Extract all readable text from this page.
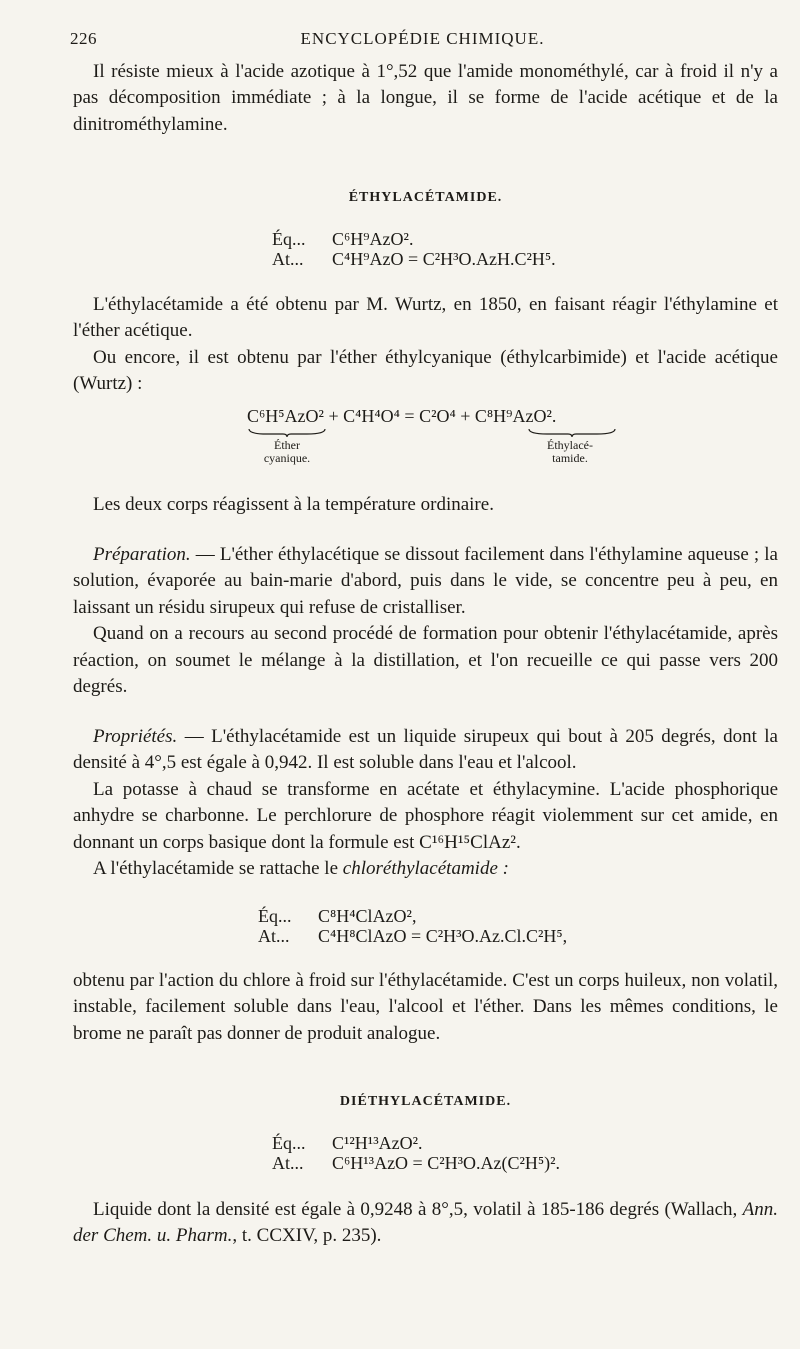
226	ENCYCLOPÉDIE CHIMIQUE.

Il résiste mieux à l'acide azotique à 1°,52 que l'amide monométhylé, car à froid il n'y a pas décomposition immédiate ; à la longue, il se forme de l'acide acétique et de la dinitrométhylamine.

ÉTHYLACÉTAMIDE.

Éq... C⁶H⁹AzO².
At... C⁴H⁹AzO = C²H³O.AzH.C²H⁵.

L'éthylacétamide a été obtenu par M. Wurtz, en 1850, en faisant réagir l'éthylamine et l'éther acétique.

Ou encore, il est obtenu par l'éther éthylcyanique (éthylcarbimide) et l'acide acétique (Wurtz) :

C⁶H⁵AzO² + C⁴H⁴O⁴ = C²O⁴ + C⁸H⁹AzO².
Éther
cyanique.
Éthylacé-
tamide.

Les deux corps réagissent à la température ordinaire.

Préparation. — L'éther éthylacétique se dissout facilement dans l'éthylamine aqueuse ; la solution, évaporée au bain-marie d'abord, puis dans le vide, se concentre peu à peu, en laissant un résidu sirupeux qui refuse de cristalliser.

Quand on a recours au second procédé de formation pour obtenir l'éthylacétamide, après réaction, on soumet le mélange à la distillation, et l'on recueille ce qui passe vers 200 degrés.

Propriétés. — L'éthylacétamide est un liquide sirupeux qui bout à 205 degrés, dont la densité à 4°,5 est égale à 0,942. Il est soluble dans l'eau et l'alcool.

La potasse à chaud se transforme en acétate et éthylacymine. L'acide phosphorique anhydre se charbonne. Le perchlorure de phosphore réagit violemment sur cet amide, en donnant un corps basique dont la formule est C¹⁶H¹⁵ClAz².

A l'éthylacétamide se rattache le chloréthylacétamide :

Éq... C⁸H⁴ClAzO²,
At... C⁴H⁸ClAzO = C²H³O.Az.Cl.C²H⁵,

obtenu par l'action du chlore à froid sur l'éthylacétamide. C'est un corps huileux, non volatil, instable, facilement soluble dans l'eau, l'alcool et l'éther. Dans les mêmes conditions, le brome ne paraît pas donner de produit analogue.

DIÉTHYLACÉTAMIDE.

Éq... C¹²H¹³AzO².
At... C⁶H¹³AzO = C²H³O.Az(C²H⁵)².

Liquide dont la densité est égale à 0,9248 à 8°,5, volatil à 185-186 degrés (Wallach, Ann. der Chem. u. Pharm., t. CCXIV, p. 235).
